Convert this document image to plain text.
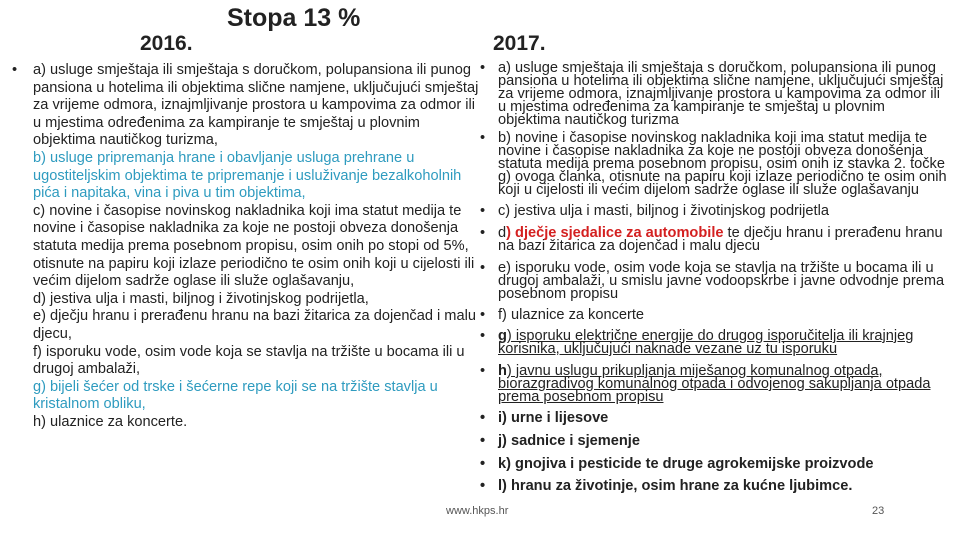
Stopa 13 %
2016.	2017.
•	a) usluge smještaja ili smještaja s doručkom, polupansiona ili punog pansiona u hotelima ili objektima slične namjene, uključujući smještaj za vrijeme odmora, iznajmljivanje prostora u kampovima za odmor ili u mjestima određenima za kampiranje te smještaj u plovnim objektima nautičkog turizma,
b) usluge pripremanja hrane i obavljanje usluga prehrane u ugostiteljskim objektima te pripremanje i usluživanje bezalkoholnih pića i napitaka, vina i piva u tim objektima,
c) novine i časopise novinskog nakladnika koji ima statut medija te novine i časopise nakladnika za koje ne postoji obveza donošenja statuta medija prema posebnom propisu, osim onih po stopi od 5%, otisnute na papiru koji izlaze periodično te osim onih koji u cijelosti ili većim dijelom sadrže oglase ili služe oglašavanju,
d) jestiva ulja i masti, biljnog i životinjskog podrijetla,
e) dječju hranu i prerađenu hranu na bazi žitarica za dojenčad i malu djecu,
f) isporuku vode, osim vode koja se stavlja na tržište u bocama ili u drugoj ambalaži,
g) bijeli šećer od trske i šećerne repe koji se na tržište stavlja u kristalnom obliku,
h) ulaznice za koncerte.
• a) usluge smještaja ili smještaja s doručkom, polupansiona ili punog pansiona u hotelima ili objektima slične namjene, uključujući smještaj za vrijeme odmora, iznajmljivanje prostora u kampovima za odmor ili u mjestima određenima za kampiranje te smještaj u plovnim objektima nautičkog turizma
• b) novine i časopise novinskog nakladnika koji ima statut medija te novine i časopise nakladnika za koje ne postoji obveza donošenja statuta medija prema posebnom propisu, osim onih iz stavka 2. točke g) ovoga članka, otisnute na papiru koji izlaze periodično te osim onih koji u cijelosti ili većim dijelom sadrže oglase ili služe oglašavanju
• c) jestiva ulja i masti, biljnog i životinjskog podrijetla
• d) dječje sjedalice za automobile te dječju hranu i prerađenu hranu na bazi žitarica za dojenčad i malu djecu
• e) isporuku vode, osim vode koja se stavlja na tržište u bocama ili u drugoj ambalaži, u smislu javne vodoopskrbe i javne odvodnje prema posebnom propisu
• f) ulaznice za koncerte
• g) isporuku električne energije do drugog isporučitelja ili krajnjeg korisnika, uključujući naknade vezane uz tu isporuku
• h) javnu uslugu prikupljanja miješanog komunalnog otpada, biorazgradivog komunalnog otpada i odvojenog sakupljanja otpada prema posebnom propisu
• i) urne i lijesove
• j) sadnice i sjemenje
• k) gnojiva i pesticide te druge agrokemijske proizvode
• l) hranu za životinje, osim hrane za kućne ljubimce.
www.hkps.hr	23
